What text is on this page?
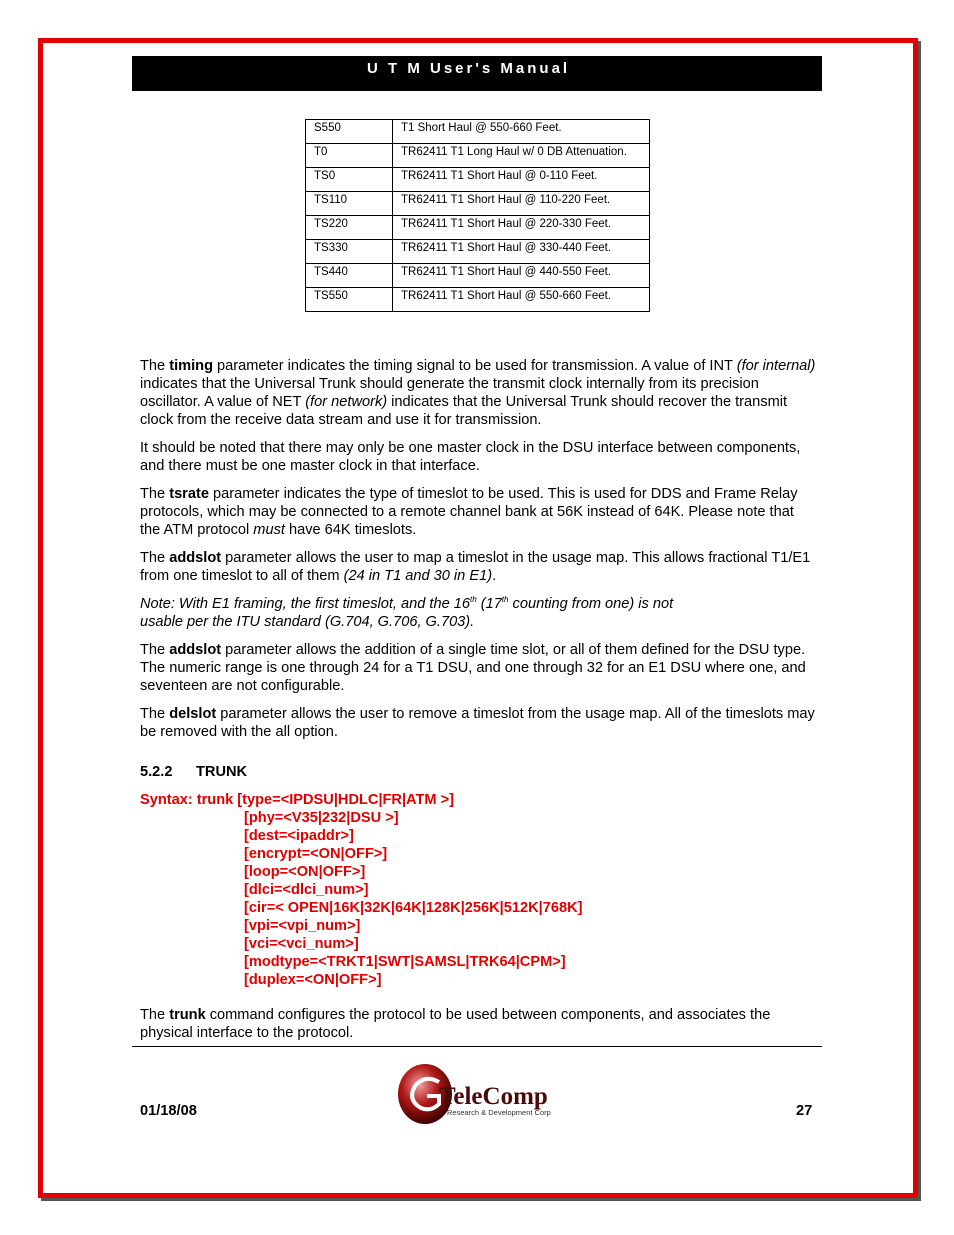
U T M User's Manual
S550	T1 Short Haul @ 550-660 Feet.
T0	TR62411 T1 Long Haul w/ 0 DB Attenuation.
TS0	TR62411 T1 Short Haul @ 0-110 Feet.
TS110	TR62411 T1 Short Haul @ 110-220 Feet.
TS220	TR62411 T1 Short Haul @ 220-330 Feet.
TS330	TR62411 T1 Short Haul @ 330-440 Feet.
TS440	TR62411 T1 Short Haul @ 440-550 Feet.
TS550	TR62411 T1 Short Haul @ 550-660 Feet.

The timing parameter indicates the timing signal to be used for transmission. A value of INT (for internal) indicates that the Universal Trunk should generate the transmit clock internally from its precision oscillator. A value of NET (for network) indicates that the Universal Trunk should recover the transmit clock from the receive data stream and use it for transmission.

It should be noted that there may only be one master clock in the DSU interface between components, and there must be one master clock in that interface.

The tsrate parameter indicates the type of timeslot to be used. This is used for DDS and Frame Relay protocols, which may be connected to a remote channel bank at 56K instead of 64K. Please note that the ATM protocol must have 64K timeslots.

The addslot parameter allows the user to map a timeslot in the usage map. This allows fractional T1/E1 from one timeslot to all of them (24 in T1 and 30 in E1).

Note: With E1 framing, the first timeslot, and the 16th (17th counting from one) is not usable per the ITU standard (G.704, G.706, G.703).

The addslot parameter allows the addition of a single time slot, or all of them defined for the DSU type. The numeric range is one through 24 for a T1 DSU, and one through 32 for an E1 DSU where one, and seventeen are not configurable.

The delslot parameter allows the user to remove a timeslot from the usage map. All of the timeslots may be removed with the all option.

5.2.2 TRUNK

Syntax: trunk [type=<IPDSU|HDLC|FR|ATM >]
[phy=<V35|232|DSU >]
[dest=<ipaddr>]
[encrypt=<ON|OFF>]
[loop=<ON|OFF>]
[dlci=<dlci_num>]
[cir=< OPEN|16K|32K|64K|128K|256K|512K|768K]
[vpi=<vpi_num>]
[vci=<vci_num>]
[modtype=<TRKT1|SWT|SAMSL|TRK64|CPM>]
[duplex=<ON|OFF>]

The trunk command configures the protocol to be used between components, and associates the physical interface to the protocol.

01/18/08	27
TeleComp
Research & Development Corp
